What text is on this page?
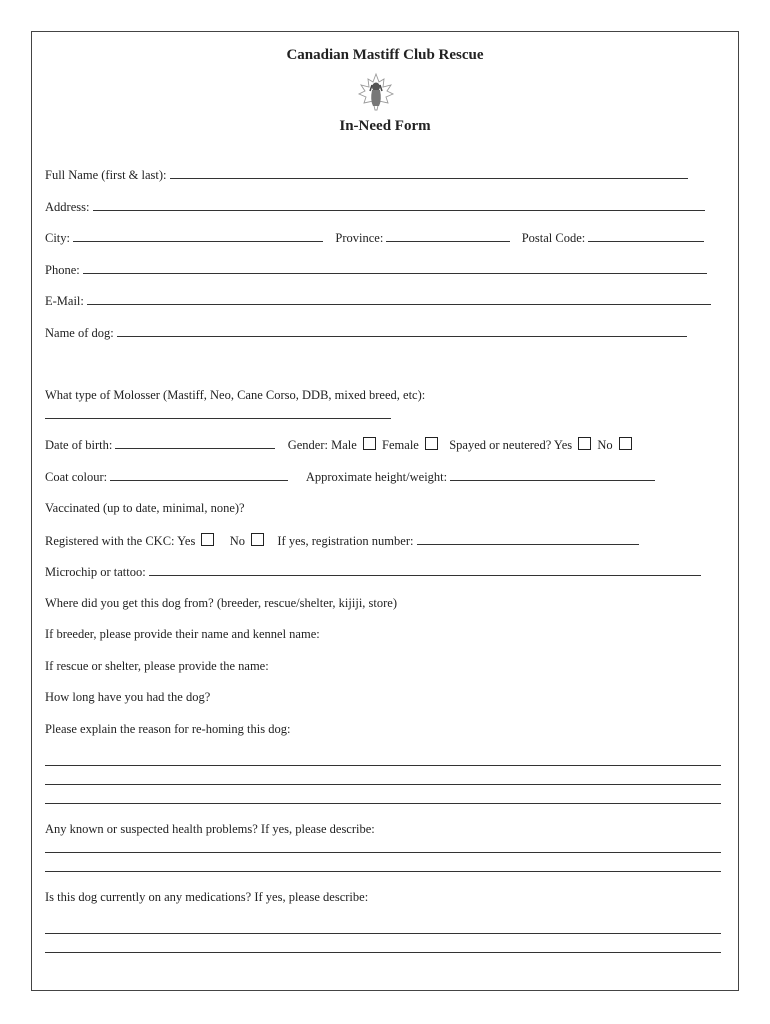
Canadian Mastiff Club Rescue
In-Need Form
Full Name (first & last):
Address:
City:	Province:	Postal Code:
Phone:
E-Mail:
Name of dog:
What type of Molosser (Mastiff, Neo, Cane Corso, DDB, mixed breed, etc):
Date of birth:	Gender: Male Female Spayed or neutered? Yes No
Coat colour:	Approximate height/weight:
Vaccinated (up to date, minimal, none)?
Registered with the CKC: Yes	No	If yes, registration number:
Microchip or tattoo:
Where did you get this dog from? (breeder, rescue/shelter, kijiji, store)
If breeder, please provide their name and kennel name:
If rescue or shelter, please provide the name:
How long have you had the dog?
Please explain the reason for re-homing this dog:
Any known or suspected health problems? If yes, please describe:
Is this dog currently on any medications? If yes, please describe:
